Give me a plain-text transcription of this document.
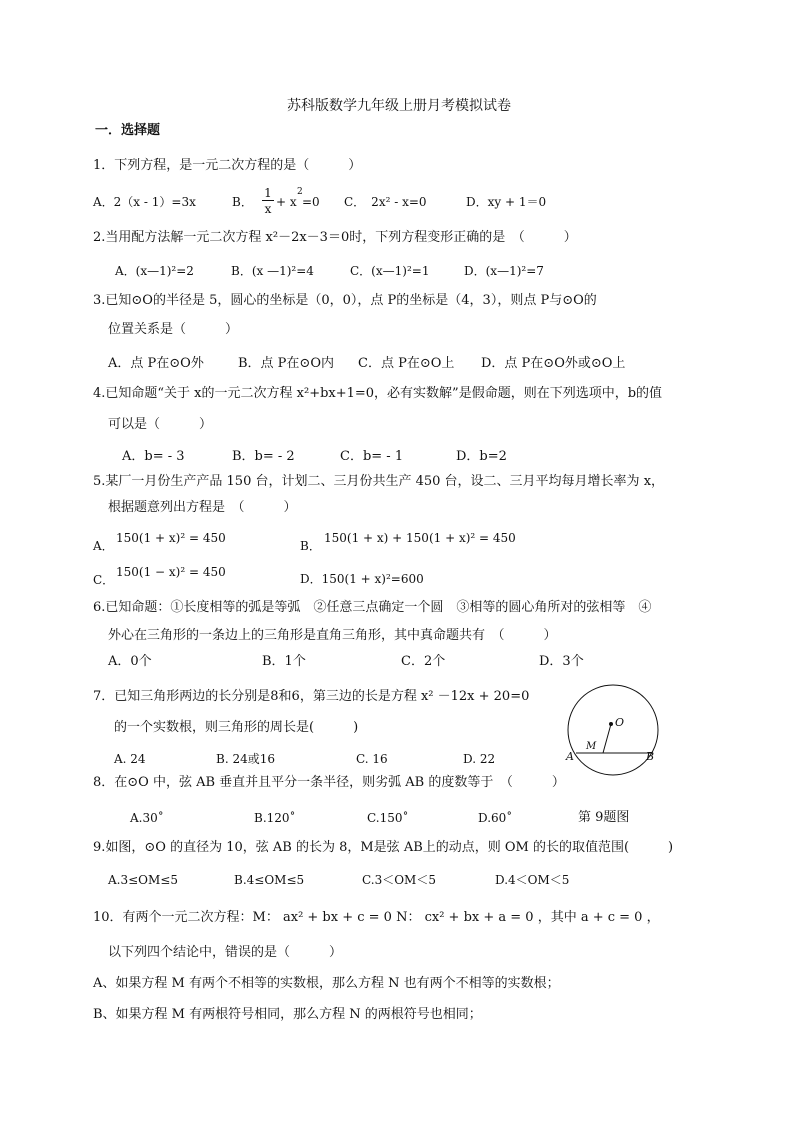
苏科版数学九年级上册月考模拟试卷
一．选择题
1．下列方程，是一元二次方程的是（　　　）
A．2（x - 1）=3x	B．
1
x + x
2
=0 C．　2x² - x=0	D．xy + 1＝0
2.当用配方法解一元二次方程 x²－2x－3＝0时，下列方程变形正确的是　（　　　）
A．(x—1)²=2	B．(x —1)²=4	C．(x—1)²=1	D．(x—1)²=7
3.已知⊙O的半径是 5，圆心的坐标是（0，0），点 P的坐标是（4，3），则点 P与⊙O的
位置关系是（　　　）
A．点 P在⊙O外	B．点 P在⊙O内 C．点 P在⊙O上 D．点 P在⊙O外或⊙O上
4.已知命题“关于 x的一元二次方程 x²+bx+1=0，必有实数解”是假命题，则在下列选项中，b的值
可以是（　　　）
A．b= - 3	B．b= - 2	C．b= - 1	D．b=2
5.某厂一月份生产产品 150 台，计划二、三月份共生产 450 台，设二、三月平均每月增长率为 x，
根据题意列出方程是　（　　　）
A．
150(1 + x)² = 450
B．
150(1 + x) + 150(1 + x)² = 450
C．
150(1 − x)² = 450	D．150(1 + x)²=600
6.已知命题：①长度相等的弧是等弧　②任意三点确定一个圆　③相等的圆心角所对的弦相等　④
外心在三角形的一条边上的三角形是直角三角形，其中真命题共有　（　　　）
A．0个	B．1个	C．2个	D．3个
7．已知三角形两边的长分别是8和6，第三边的长是方程 x² －12x + 20=0
的一个实数根，则三角形的周长是(　　　)
A. 24	B. 24或16	C. 16	D. 22
O
M
A	B
8．在⊙O 中，弦 AB 垂直并且平分一条半径，则劣弧 AB 的度数等于　（　　　）
A.30˚	B.120˚	C.150˚	D.60˚	第 9题图
9.如图，⊙O 的直径为 10，弦 AB 的长为 8，M是弦 AB上的动点，则 OM 的长的取值范围(　　　)
A.3≤OM≤5	B.4≤OM≤5	C.3＜OM＜5	D.4＜OM＜5
10．有两个一元二次方程：M： ax² + bx + c = 0 N： cx² + bx + a = 0 ，其中 a + c = 0 ，
以下列四个结论中，错误的是（　　　）
A、如果方程 M 有两个不相等的实数根，那么方程 N 也有两个不相等的实数根；
B、如果方程 M 有两根符号相同，那么方程 N 的两根符号也相同；
